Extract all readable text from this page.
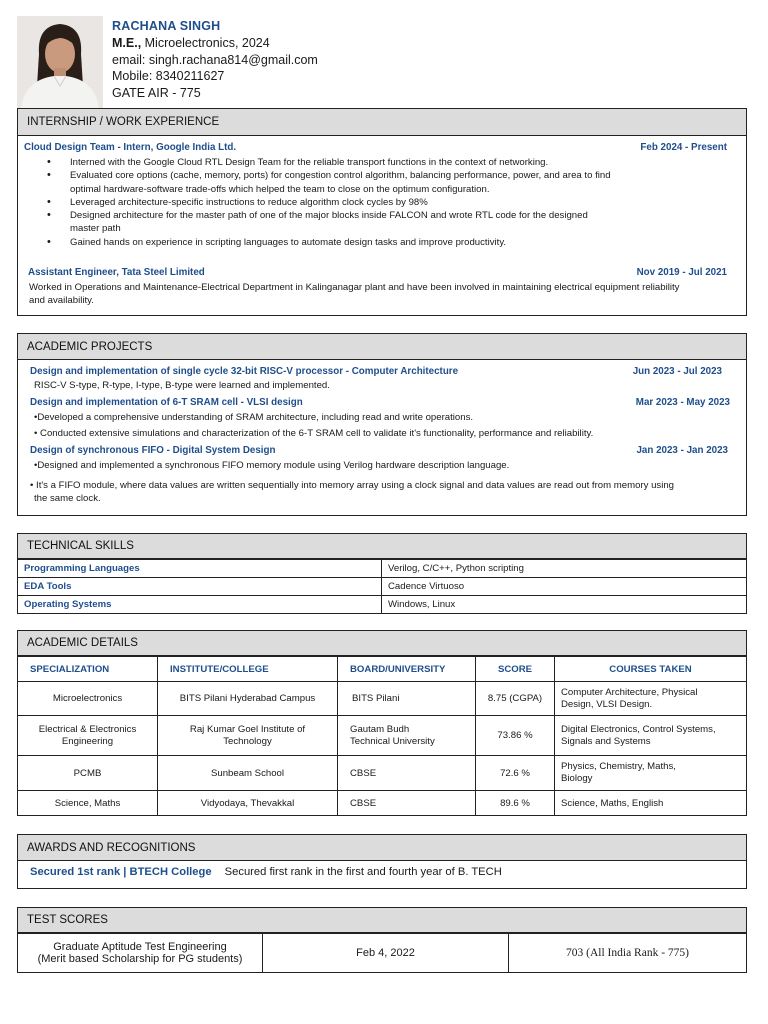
RACHANA SINGH
M.E., Microelectronics, 2024
email: singh.rachana814@gmail.com
Mobile: 8340211627
GATE AIR - 775
INTERNSHIP / WORK EXPERIENCE
Cloud Design Team - Intern, Google India Ltd.	Feb 2024 - Present
• Interned with the Google Cloud RTL Design Team for the reliable transport functions in the context of networking.
• Evaluated core options (cache, memory, ports) for congestion control algorithm, balancing performance, power, and area to find
optimal hardware-software trade-offs which helped the team to close on the optimum configuration.
• Leveraged architecture-specific instructions to reduce algorithm clock cycles by 98%
• Designed architecture for the master path of one of the major blocks inside FALCON and wrote RTL code for the designed
master path
• Gained hands on experience in scripting languages to automate design tasks and improve productivity.
Assistant Engineer, Tata Steel Limited	Nov 2019 - Jul 2021
Worked in Operations and Maintenance-Electrical Department in Kalinganagar plant and have been involved in maintaining electrical equipment reliability
and availability.
ACADEMIC PROJECTS
Design and implementation of single cycle 32-bit RISC-V processor - Computer Architecture	Jun 2023 - Jul 2023
RISC-V S-type, R-type, I-type, B-type were learned and implemented.
Design and implementation of 6-T SRAM cell - VLSI design	Mar 2023 - May 2023
•Developed a comprehensive understanding of SRAM architecture, including read and write operations.
• Conducted extensive simulations and characterization of the 6-T SRAM cell to validate it's functionality, performance and reliability.
Design of synchronous FIFO - Digital System Design	Jan 2023 - Jan 2023
•Designed and implemented a synchronous FIFO memory module using Verilog hardware description language.
• It's a FIFO module, where data values are written sequentially into memory array using a clock signal and data values are read out from memory using
the same clock.
TECHNICAL SKILLS
Programming Languages	Verilog, C/C++, Python scripting
EDA Tools	Cadence Virtuoso
Operating Systems	Windows, Linux
ACADEMIC DETAILS
SPECIALIZATION	INSTITUTE/COLLEGE	BOARD/UNIVERSITY	SCORE	COURSES TAKEN
Microelectronics	BITS Pilani Hyderabad Campus	BITS Pilani	8.75 (CGPA)	Computer Architecture, Physical
Design, VLSI Design.
Electrical & Electronics
Engineering	Raj Kumar Goel Institute of
Technology	Gautam Budh
Technical University	73.86 %	Digital Electronics, Control Systems,
Signals and Systems
PCMB	Sunbeam School	CBSE	72.6 %	Physics, Chemistry, Maths,
Biology
Science, Maths	Vidyodaya, Thevakkal	CBSE	89.6 %	Science, Maths, English
AWARDS AND RECOGNITIONS
Secured 1st rank | BTECH College Secured first rank in the first and fourth year of B. TECH
TEST SCORES
Graduate Aptitude Test Engineering
(Merit based Scholarship for PG students)	Feb 4, 2022	703 (All India Rank - 775)
